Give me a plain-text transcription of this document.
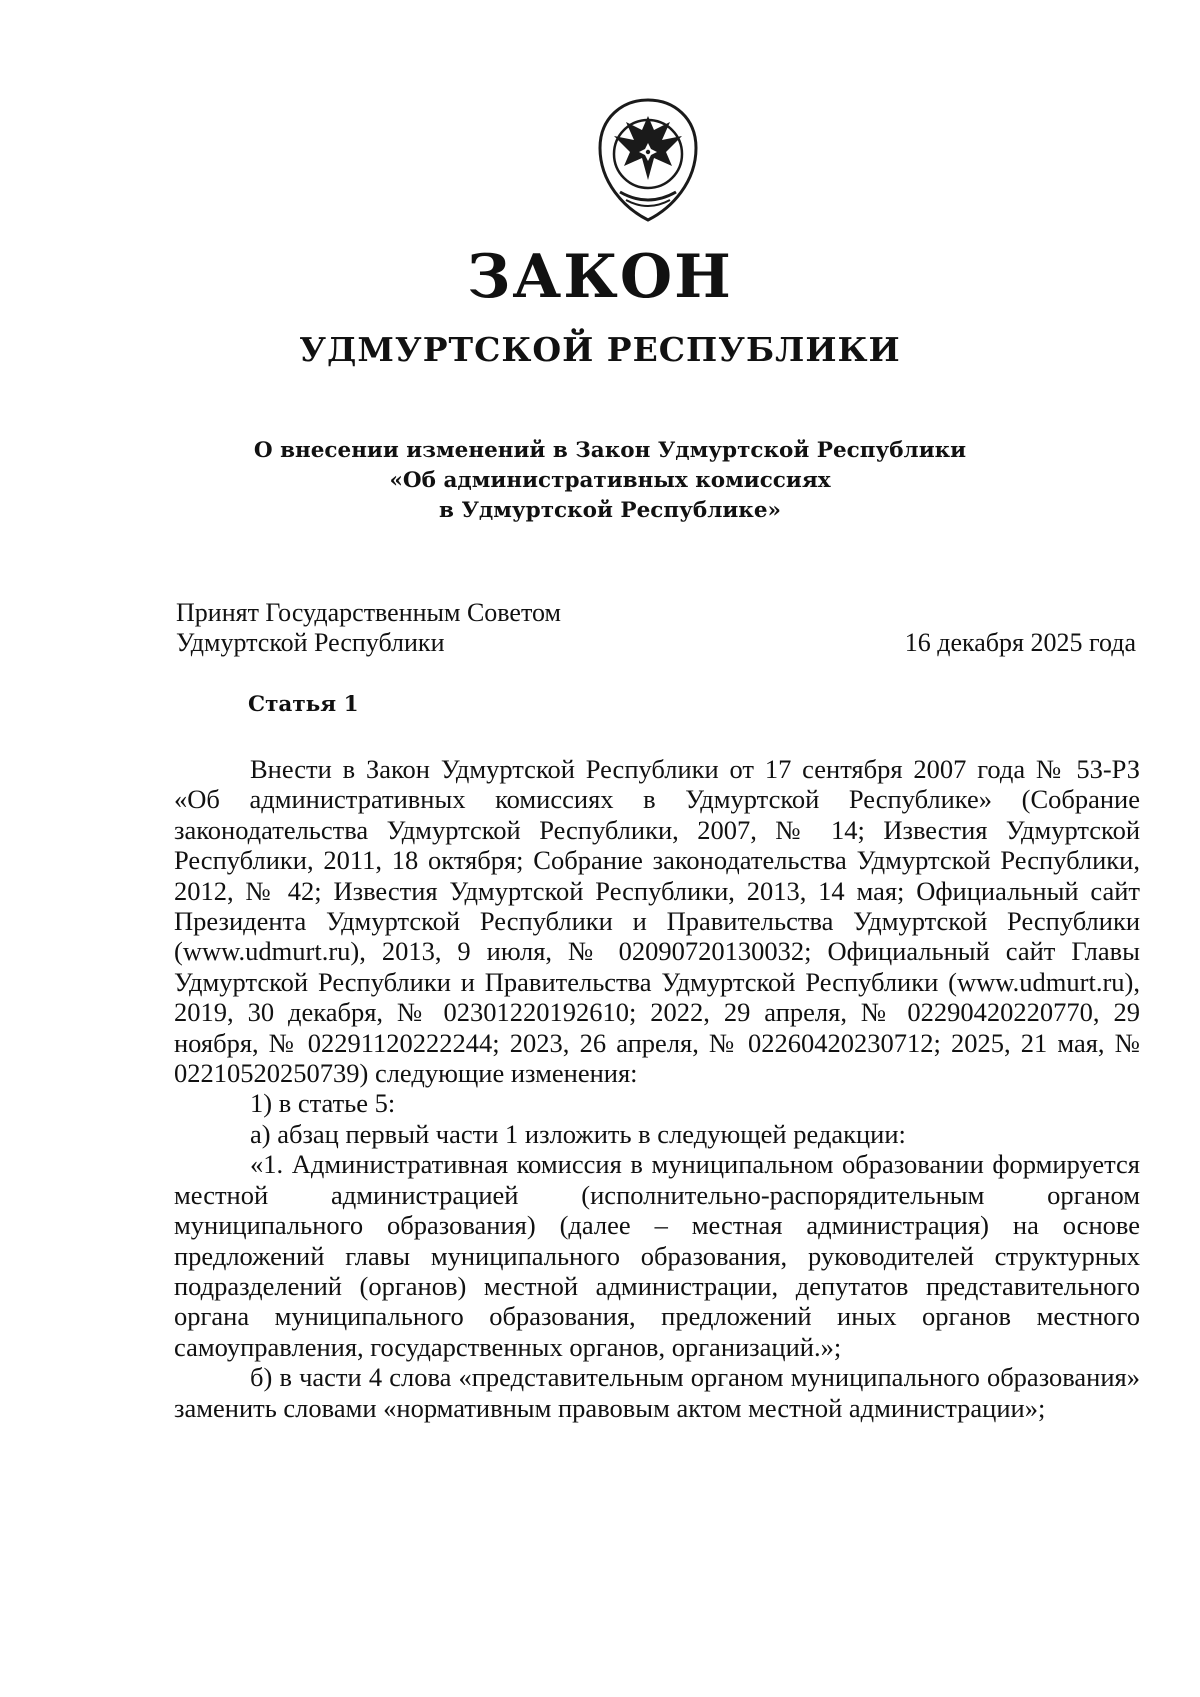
ЗАКОН
УДМУРТСКОЙ РЕСПУБЛИКИ
О внесении изменений в Закон Удмуртской Республики
«Об административных комиссиях
в Удмуртской Республике»
Принят Государственным Советом
Удмуртской Республики	16 декабря 2025 года
Статья 1

Внести в Закон Удмуртской Республики от 17 сентября 2007 года № 53-РЗ «Об административных комиссиях в Удмуртской Республике» (Собрание законодательства Удмуртской Республики, 2007, № 14; Известия Удмуртской Республики, 2011, 18 октября; Собрание законодательства Удмуртской Республики, 2012, № 42; Известия Удмуртской Республики, 2013, 14 мая; Официальный сайт Президента Удмуртской Республики и Правительства Удмуртской Республики (www.udmurt.ru), 2013, 9 июля, № 02090720130032; Официальный сайт Главы Удмуртской Республики и Правительства Удмуртской Республики (www.udmurt.ru), 2019, 30 декабря, № 02301220192610; 2022, 29 апреля, № 02290420220770, 29 ноября, № 02291120222244; 2023, 26 апреля, № 02260420230712; 2025, 21 мая, № 02210520250739) следующие изменения:

1) в статье 5:

а) абзац первый части 1 изложить в следующей редакции:

«1. Административная комиссия в муниципальном образовании формируется местной администрацией (исполнительно-распорядительным органом муниципального образования) (далее – местная администрация) на основе предложений главы муниципального образования, руководителей структурных подразделений (органов) местной администрации, депутатов представительного органа муниципального образования, предложений иных органов местного самоуправления, государственных органов, организаций.»;

б) в части 4 слова «представительным органом муниципального образования» заменить словами «нормативным правовым актом местной администрации»;
